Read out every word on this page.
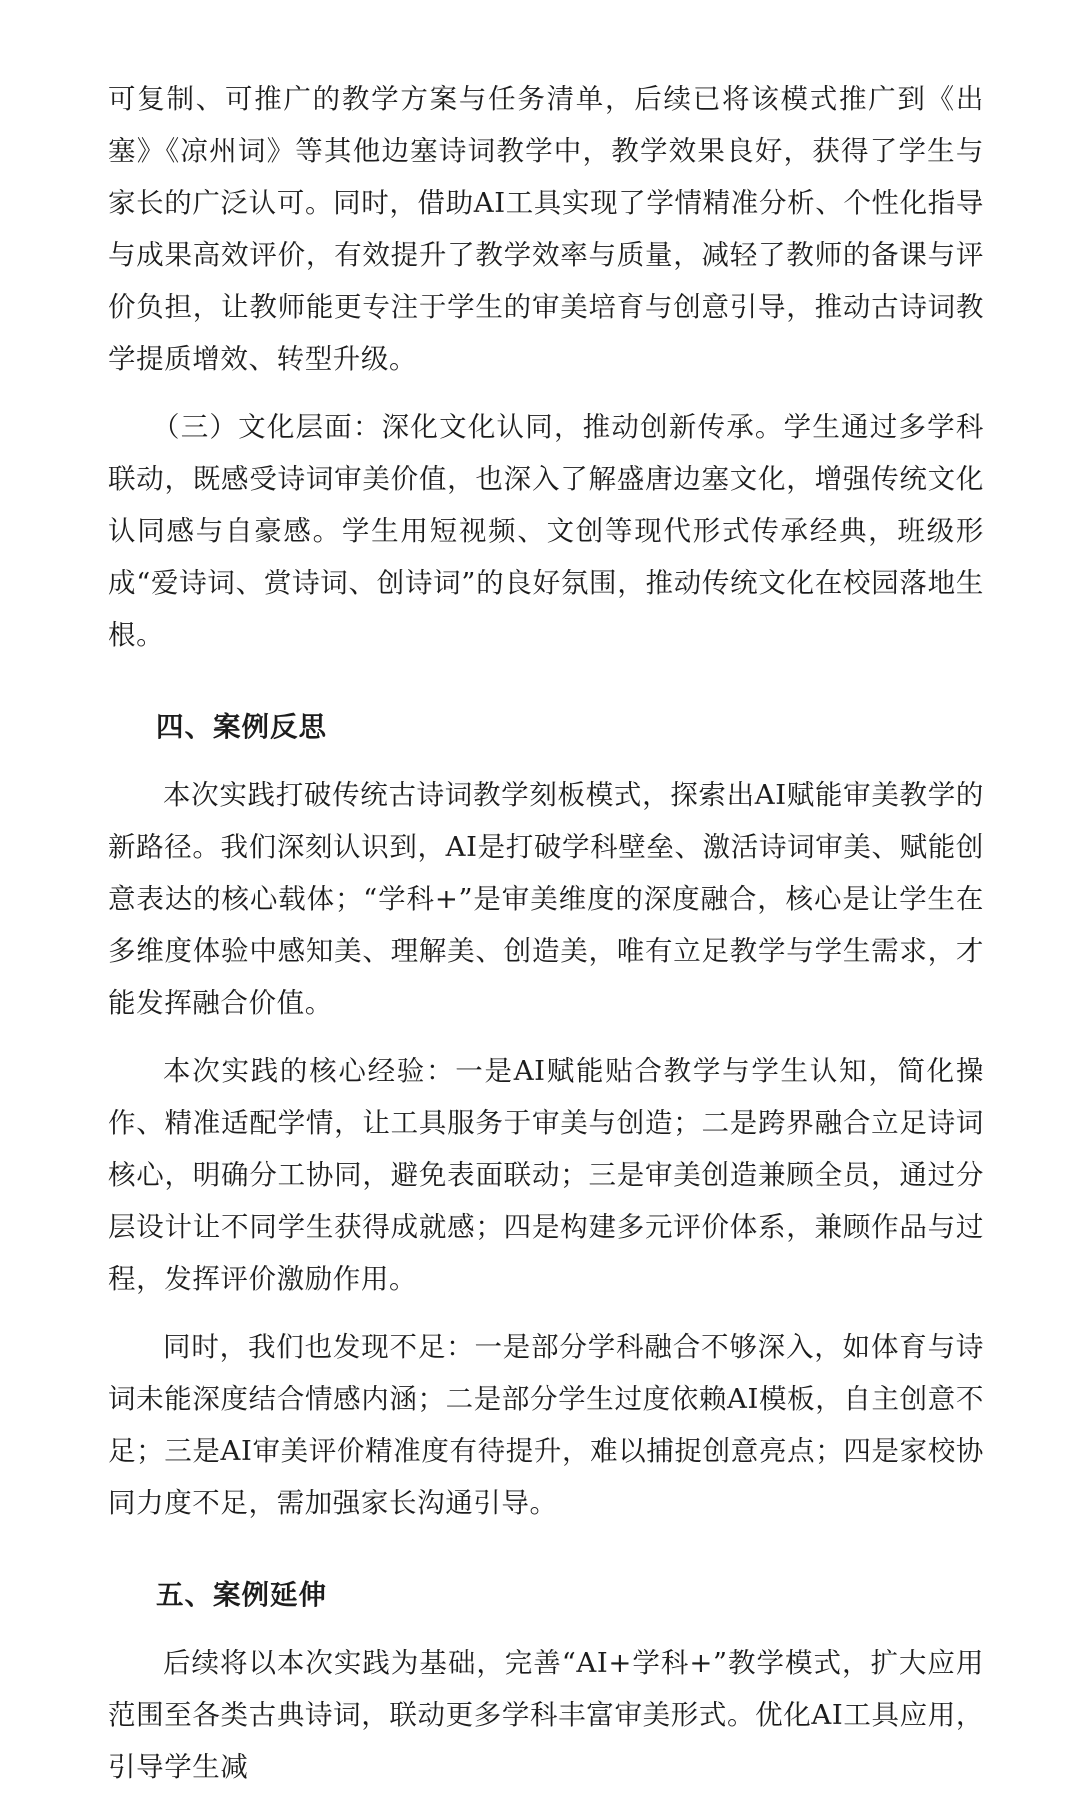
可复制、可推广的教学方案与任务清单，后续已将该模式推广到《出塞》《凉州词》等其他边塞诗词教学中，教学效果良好，获得了学生与家长的广泛认可。同时，借助AI工具实现了学情精准分析、个性化指导与成果高效评价，有效提升了教学效率与质量，减轻了教师的备课与评价负担，让教师能更专注于学生的审美培育与创意引导，推动古诗词教学提质增效、转型升级。

（三）文化层面：深化文化认同，推动创新传承。学生通过多学科联动，既感受诗词审美价值，也深入了解盛唐边塞文化，增强传统文化认同感与自豪感。学生用短视频、文创等现代形式传承经典，班级形成“爱诗词、赏诗词、创诗词”的良好氛围，推动传统文化在校园落地生根。

四、案例反思

本次实践打破传统古诗词教学刻板模式，探索出AI赋能审美教学的新路径。我们深刻认识到，AI是打破学科壁垒、激活诗词审美、赋能创意表达的核心载体；“学科+”是审美维度的深度融合，核心是让学生在多维度体验中感知美、理解美、创造美，唯有立足教学与学生需求，才能发挥融合价值。

本次实践的核心经验：一是AI赋能贴合教学与学生认知，简化操作、精准适配学情，让工具服务于审美与创造；二是跨界融合立足诗词核心，明确分工协同，避免表面联动；三是审美创造兼顾全员，通过分层设计让不同学生获得成就感；四是构建多元评价体系，兼顾作品与过程，发挥评价激励作用。

同时，我们也发现不足：一是部分学科融合不够深入，如体育与诗词未能深度结合情感内涵；二是部分学生过度依赖AI模板，自主创意不足；三是AI审美评价精准度有待提升，难以捕捉创意亮点；四是家校协同力度不足，需加强家长沟通引导。

五、案例延伸

后续将以本次实践为基础，完善“AI+学科+”教学模式，扩大应用范围至各类古典诗词，联动更多学科丰富审美形式。优化AI工具应用，引导学生减
